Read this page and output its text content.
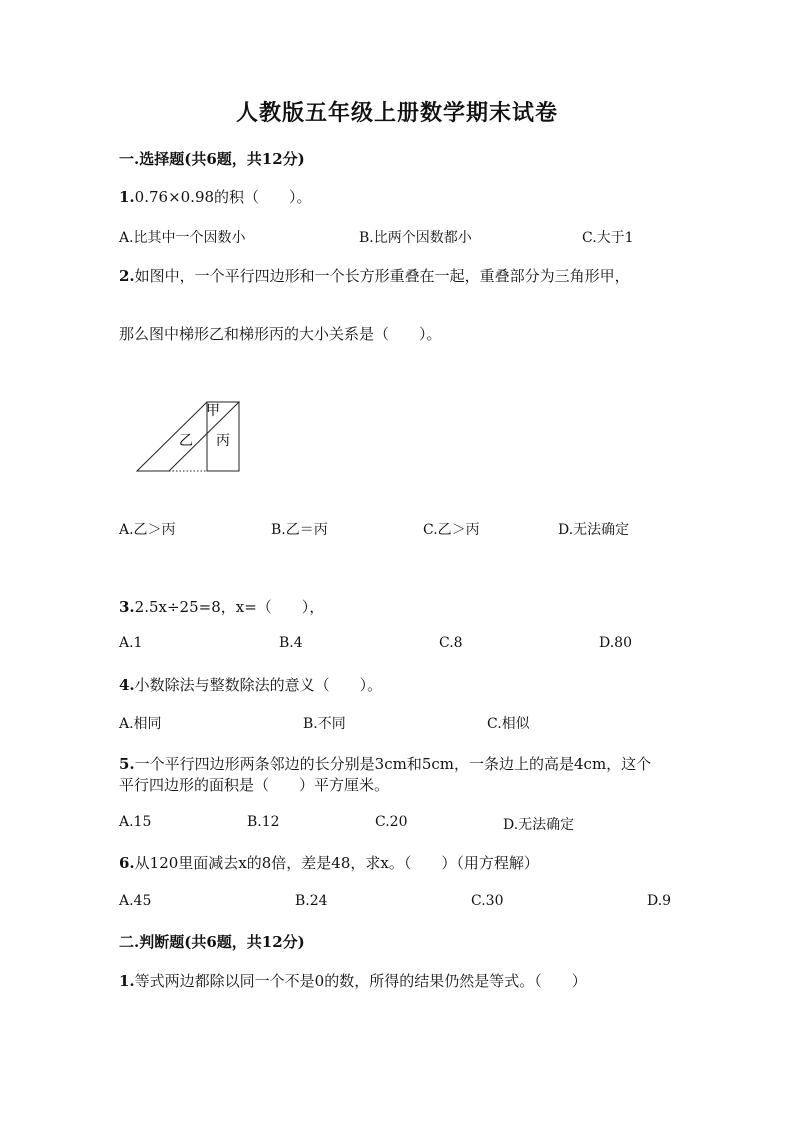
人教版五年级上册数学期末试卷
一.选择题(共6题，共12分)
1.0.76×0.98的积（　　）。
A.比其中一个因数小	B.比两个因数都小	C.大于1
2.如图中，一个平行四边形和一个长方形重叠在一起，重叠部分为三角形甲，
那么图中梯形乙和梯形丙的大小关系是（　　）。
甲
乙 丙
A.乙＞丙	B.乙＝丙	C.乙＞丙	D.无法确定
3.2.5x÷25=8，x=（　　），
A.1	B.4	C.8	D.80
4.小数除法与整数除法的意义（　　）。
A.相同	B.不同	C.相似
5.一个平行四边形两条邻边的长分别是3cm和5cm，一条边上的高是4cm，这个
平行四边形的面积是（　　）平方厘米。
A.15	B.12	C.20	D.无法确定
6.从120里面减去x的8倍，差是48，求x。（　　）（用方程解）
A.45	B.24	C.30	D.9
二.判断题(共6题，共12分)
1.等式两边都除以同一个不是0的数，所得的结果仍然是等式。（　　）
